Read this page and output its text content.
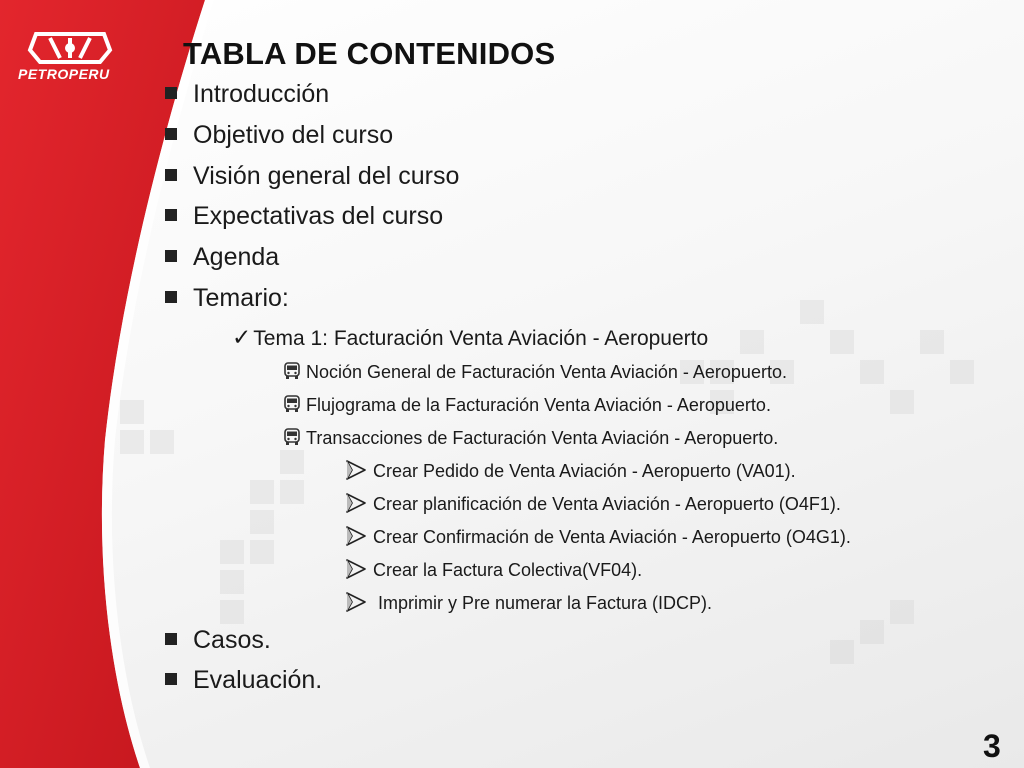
PETROPERU
TABLA DE CONTENIDOS
Introducción
Objetivo del curso
Visión general del curso
Expectativas del curso
Agenda
Temario:
✓Tema 1: Facturación Venta Aviación - Aeropuerto
Noción General de Facturación Venta Aviación - Aeropuerto.
Flujograma de la Facturación Venta Aviación - Aeropuerto.
Transacciones de Facturación Venta Aviación - Aeropuerto.
Crear Pedido de Venta Aviación - Aeropuerto (VA01).
Crear planificación de Venta Aviación - Aeropuerto (O4F1).
Crear Confirmación de Venta Aviación - Aeropuerto (O4G1).
Crear la Factura Colectiva(VF04).
Imprimir y Pre numerar la Factura (IDCP).
Casos.
Evaluación.
3
